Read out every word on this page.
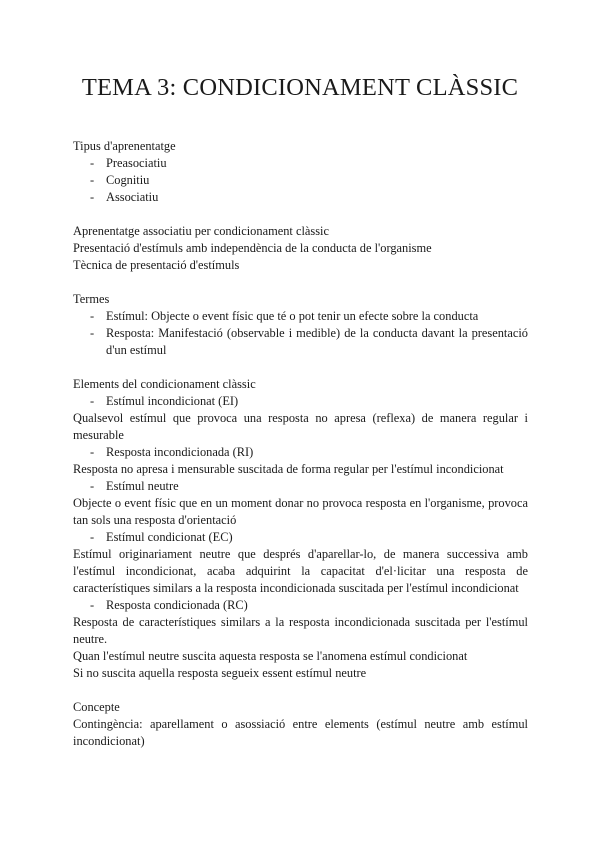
TEMA 3: CONDICIONAMENT CLÀSSIC

Tipus d'aprenentatge

- Preasociatiu
- Cognitiu
- Associatiu

Aprenentatge associatiu per condicionament clàssic

Presentació d'estímuls amb independència de la conducta de l'organisme

Tècnica de presentació d'estímuls

Termes

- Estímul: Objecte o event físic que té o pot tenir un efecte sobre la conducta
- Resposta: Manifestació (observable i medible) de la conducta davant la presentació d'un estímul

Elements del condicionament clàssic

- Estímul incondicionat (EI)

Qualsevol estímul que provoca una resposta no apresa (reflexa) de manera regular i mesurable

- Resposta incondicionada (RI)

Resposta no apresa i mensurable suscitada de forma regular per l'estímul incondicionat

- Estímul neutre

Objecte o event físic que en un moment donar no provoca resposta en l'organisme, provoca tan sols una resposta d'orientació

- Estímul condicionat (EC)

Estímul originariament neutre que després d'aparellar-lo, de manera successiva amb l'estímul incondicionat, acaba adquirint la capacitat d'el·licitar una resposta de característiques similars a la resposta incondicionada suscitada per l'estímul incondicionat

- Resposta condicionada (RC)

Resposta de característiques similars a la resposta incondicionada suscitada per l'estímul neutre.

Quan l'estímul neutre suscita aquesta resposta se l'anomena estímul condicionat

Si no suscita aquella resposta segueix essent estímul neutre

Concepte

Contingència: aparellament o asossiació entre elements (estímul neutre amb estímul incondicionat)
